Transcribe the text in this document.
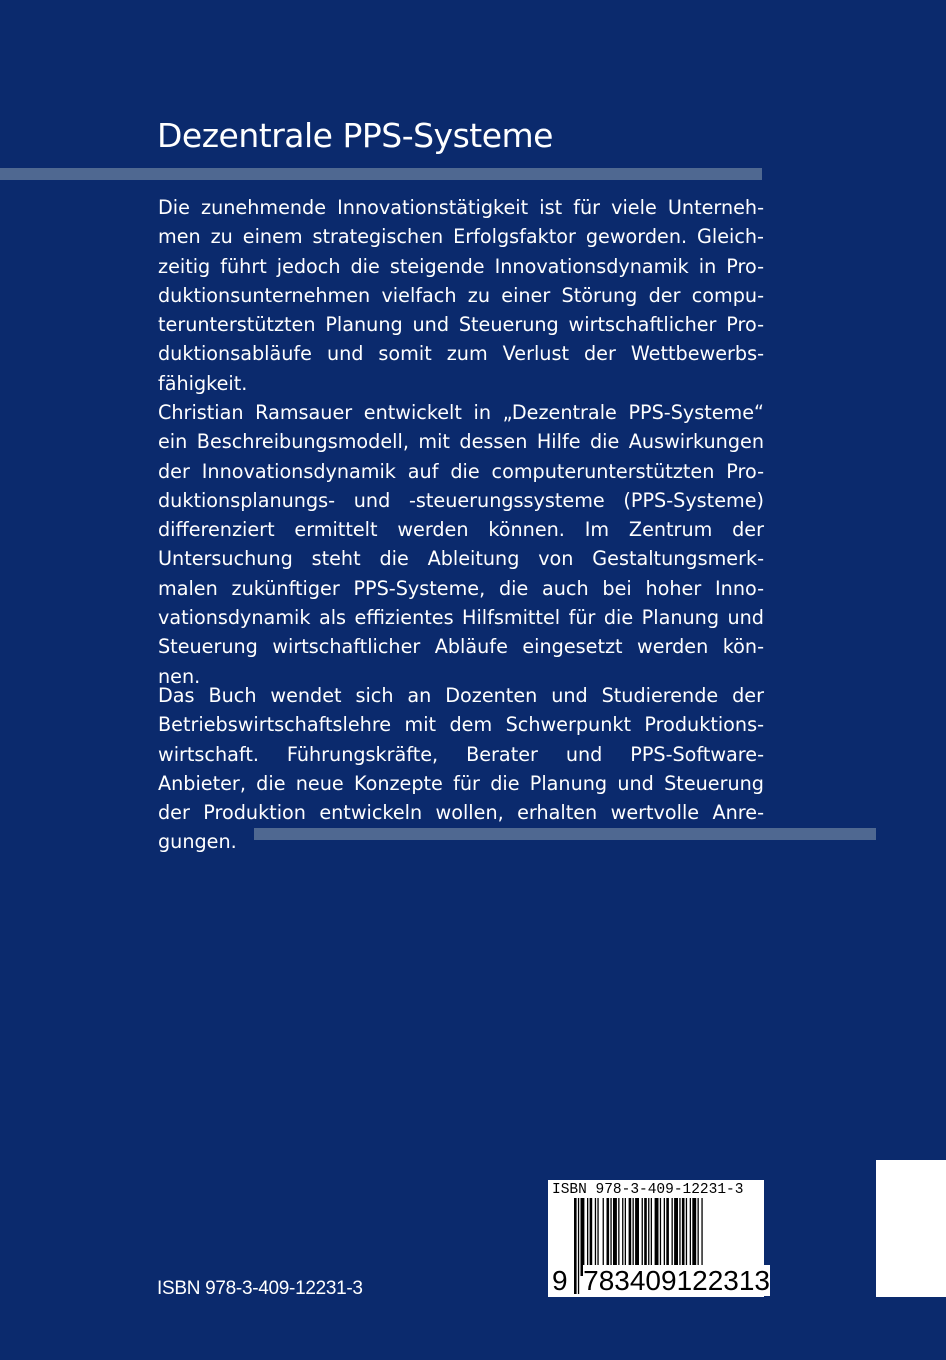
Dezentrale PPS-Systeme
Die zunehmende Innovationstätigkeit ist für viele Unterneh-
men zu einem strategischen Erfolgsfaktor geworden. Gleich-
zeitig führt jedoch die steigende Innovationsdynamik in Pro-
duktionsunternehmen vielfach zu einer Störung der compu-
terunterstützten Planung und Steuerung wirtschaftlicher Pro-
duktionsabläufe und somit zum Verlust der Wettbewerbs-
fähigkeit.
Christian Ramsauer entwickelt in „Dezentrale PPS-Systeme“
ein Beschreibungsmodell, mit dessen Hilfe die Auswirkungen
der Innovationsdynamik auf die computerunterstützten Pro-
duktionsplanungs- und -steuerungssysteme (PPS-Systeme)
differenziert ermittelt werden können. Im Zentrum der
Untersuchung steht die Ableitung von Gestaltungsmerk-
malen zukünftiger PPS-Systeme, die auch bei hoher Inno-
vationsdynamik als effizientes Hilfsmittel für die Planung und
Steuerung wirtschaftlicher Abläufe eingesetzt werden kön-
nen.
Das Buch wendet sich an Dozenten und Studierende der
Betriebswirtschaftslehre mit dem Schwerpunkt Produktions-
wirtschaft. Führungskräfte, Berater und PPS-Software-
Anbieter, die neue Konzepte für die Planung und Steuerung
der Produktion entwickeln wollen, erhalten wertvolle Anre-
gungen.
ISBN 978-3-409-12231-3
ISBN 978-3-409-12231-3
9 783409122313
